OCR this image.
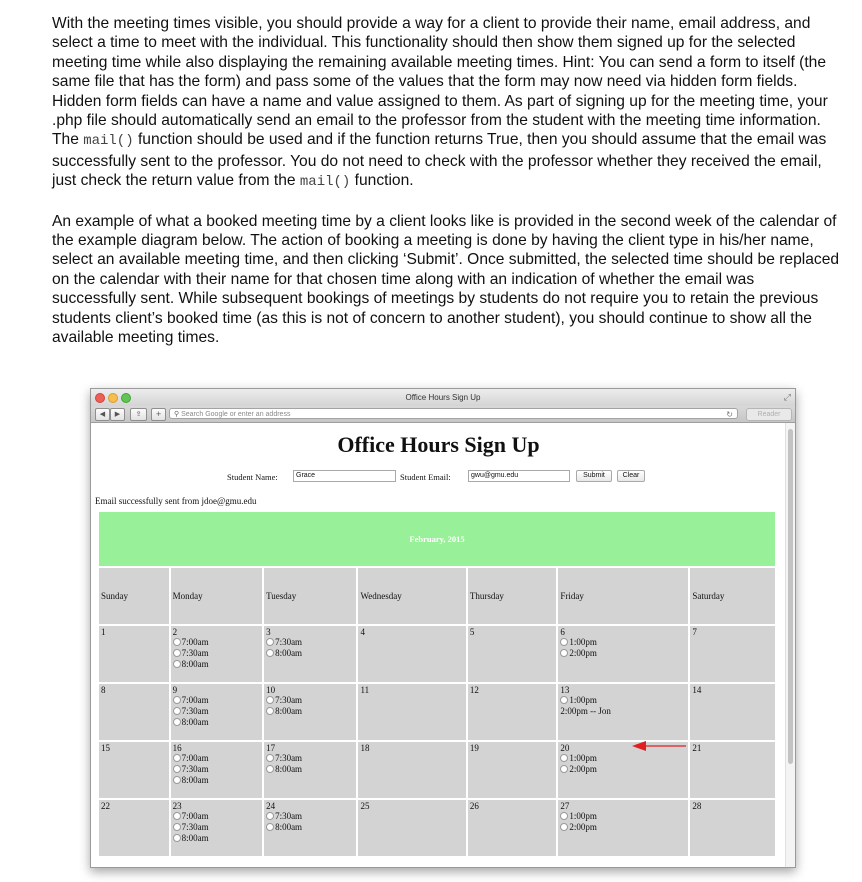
With the meeting times visible, you should provide a way for a client to provide their name, email address, and select a time to meet with the individual. This functionality should then show them signed up for the selected meeting time while also displaying the remaining available meeting times. Hint: You can send a form to itself (the same file that has the form) and pass some of the values that the form may now need via hidden form fields. Hidden form fields can have a name and value assigned to them. As part of signing up for the meeting time, your .php file should automatically send an email to the professor from the student with the meeting time information. The mail() function should be used and if the function returns True, then you should assume that the email was successfully sent to the professor. You do not need to check with the professor whether they received the email, just check the return value from the mail() function.

An example of what a booked meeting time by a client looks like is provided in the second week of the calendar of the example diagram below. The action of booking a meeting is done by having the client type in his/her name, select an available meeting time, and then clicking ‘Submit’. Once submitted, the selected time should be replaced on the calendar with their name for that chosen time along with an indication of whether the email was successfully sent. While subsequent bookings of meetings by students do not require you to retain the previous students client’s booked time (as this is not of concern to another student), you should continue to show all the available meeting times.

Office Hours Sign Up	⤢
◀	▶	⇪	+	⚲ Search Google or enter an address	↻	Reader
Office Hours Sign Up
Student Name:	Grace	Student Email:	gwu@gmu.edu	Submit	Clear
Email successfully sent from jdoe@gmu.edu
February, 2015						
Sunday	Monday	Tuesday	Wednesday	Thursday	Friday	Saturday

1	2
7:00am
7:30am
8:00am	3
7:30am
8:00am	4	5	6
1:00pm
2:00pm	7

8	9
7:00am
7:30am
8:00am	10
7:30am
8:00am	11	12	13
1:00pm
2:00pm -- Jon	14

15	16
7:00am
7:30am
8:00am	17
7:30am
8:00am	18	19	20
1:00pm
2:00pm	21

22	23
7:00am
7:30am
8:00am	24
7:30am
8:00am	25	26	27
1:00pm
2:00pm	28
